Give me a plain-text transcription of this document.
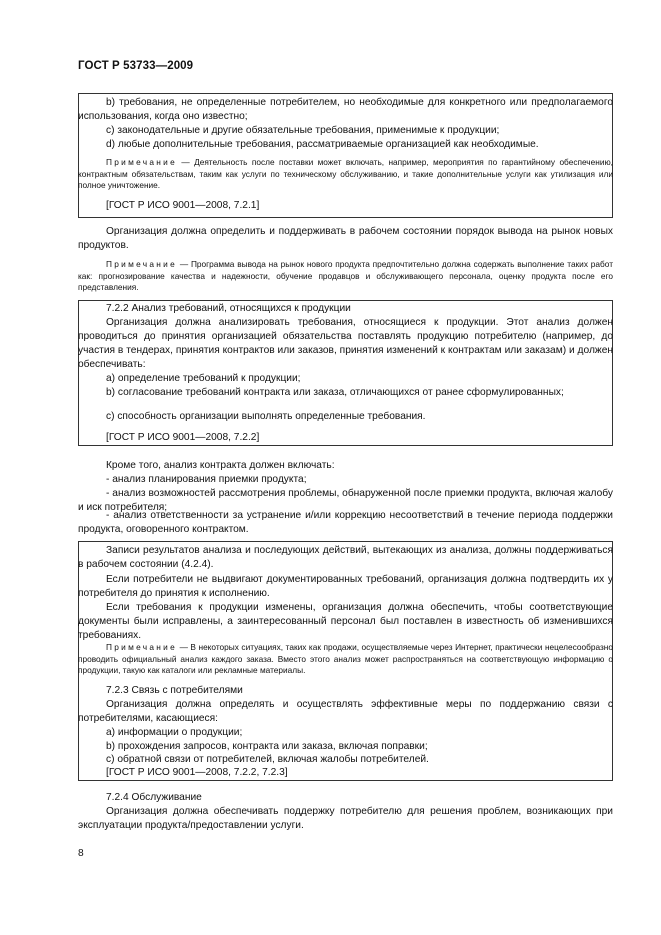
ГОСТ Р 53733—2009
b) требования, не определенные потребителем, но необходимые для конкретного или предполагаемого использования, когда оно известно;
c) законодательные и другие обязательные требования, применимые к продукции;
d) любые дополнительные требования, рассматриваемые организацией как необходимые.
Примечание — Деятельность после поставки может включать, например, мероприятия по гарантийному обеспечению, контрактным обязательствам, таким как услуги по техническому обслуживанию, и такие дополнительные услуги как утилизация или полное уничтожение.
[ГОСТ Р ИСО 9001—2008, 7.2.1]
Организация должна определить и поддерживать в рабочем состоянии порядок вывода на рынок новых продуктов.
Примечание — Программа вывода на рынок нового продукта предпочтительно должна содержать выполнение таких работ как: прогнозирование качества и надежности, обучение продавцов и обслуживающего персонала, оценку продукта после его представления.
7.2.2 Анализ требований, относящихся к продукции
Организация должна анализировать требования, относящиеся к продукции. Этот анализ должен проводиться до принятия организацией обязательства поставлять продукцию потребителю (например, до участия в тендерах, принятия контрактов или заказов, принятия изменений к контрактам или заказам) и должен обеспечивать:
a) определение требований к продукции;
b) согласование требований контракта или заказа, отличающихся от ранее сформулированных;
c) способность организации выполнять определенные требования.
[ГОСТ Р ИСО 9001—2008, 7.2.2]
Кроме того, анализ контракта должен включать:
- анализ планирования приемки продукта;
- анализ возможностей рассмотрения проблемы, обнаруженной после приемки продукта, включая жалобу и иск потребителя;
- анализ ответственности за устранение и/или коррекцию несоответствий в течение периода поддержки продукта, оговоренного контрактом.
Записи результатов анализа и последующих действий, вытекающих из анализа, должны поддерживаться в рабочем состоянии (4.2.4).
Если потребители не выдвигают документированных требований, организация должна подтвердить их у потребителя до принятия к исполнению.
Если требования к продукции изменены, организация должна обеспечить, чтобы соответствующие документы были исправлены, а заинтересованный персонал был поставлен в известность об изменившихся требованиях.
Примечание — В некоторых ситуациях, таких как продажи, осуществляемые через Интернет, практически нецелесообразно проводить официальный анализ каждого заказа. Вместо этого анализ может распространяться на соответствующую информацию о продукции, такую как каталоги или рекламные материалы.
7.2.3 Связь с потребителями
Организация должна определять и осуществлять эффективные меры по поддержанию связи с потребителями, касающиеся:
a) информации о продукции;
b) прохождения запросов, контракта или заказа, включая поправки;
c) обратной связи от потребителей, включая жалобы потребителей.
[ГОСТ Р ИСО 9001—2008, 7.2.2, 7.2.3]
7.2.4 Обслуживание
Организация должна обеспечивать поддержку потребителю для решения проблем, возникающих при эксплуатации продукта/предоставлении услуги.
8
